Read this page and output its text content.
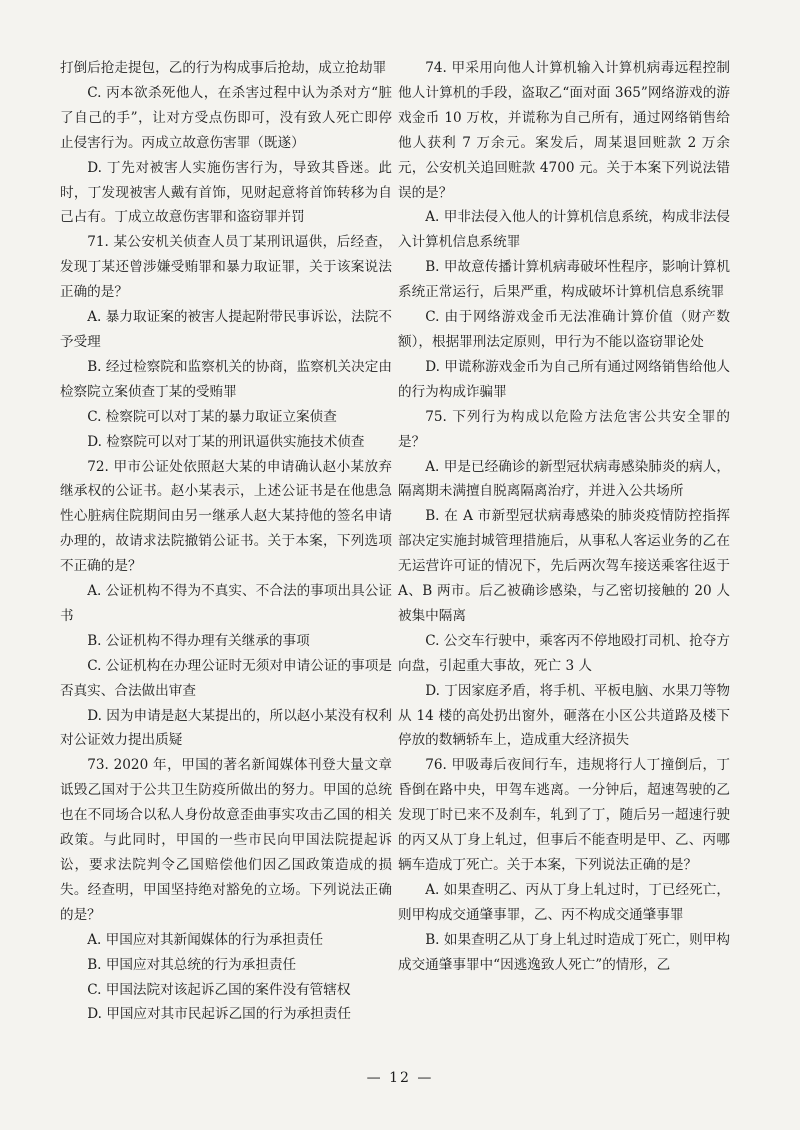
打倒后抢走提包，乙的行为构成事后抢劫，成立抢劫罪

C. 丙本欲杀死他人，在杀害过程中认为杀对方“脏了自己的手”，让对方受点伤即可，没有致人死亡即停止侵害行为。丙成立故意伤害罪（既遂）

D. 丁先对被害人实施伤害行为，导致其昏迷。此时，丁发现被害人戴有首饰，见财起意将首饰转移为自己占有。丁成立故意伤害罪和盗窃罪并罚

71. 某公安机关侦查人员丁某刑讯逼供，后经查，发现丁某还曾涉嫌受贿罪和暴力取证罪，关于该案说法正确的是？

A. 暴力取证案的被害人提起附带民事诉讼，法院不予受理

B. 经过检察院和监察机关的协商，监察机关决定由检察院立案侦查丁某的受贿罪

C. 检察院可以对丁某的暴力取证立案侦查

D. 检察院可以对丁某的刑讯逼供实施技术侦查

72. 甲市公证处依照赵大某的申请确认赵小某放弃继承权的公证书。赵小某表示，上述公证书是在他患急性心脏病住院期间由另一继承人赵大某持他的签名申请办理的，故请求法院撤销公证书。关于本案，下列选项不正确的是？

A. 公证机构不得为不真实、不合法的事项出具公证书

B. 公证机构不得办理有关继承的事项

C. 公证机构在办理公证时无须对申请公证的事项是否真实、合法做出审查

D. 因为申请是赵大某提出的，所以赵小某没有权利对公证效力提出质疑

73. 2020 年，甲国的著名新闻媒体刊登大量文章诋毁乙国对于公共卫生防疫所做出的努力。甲国的总统也在不同场合以私人身份故意歪曲事实攻击乙国的相关政策。与此同时，甲国的一些市民向甲国法院提起诉讼，要求法院判令乙国赔偿他们因乙国政策造成的损失。经查明，甲国坚持绝对豁免的立场。下列说法正确的是？

A. 甲国应对其新闻媒体的行为承担责任

B. 甲国应对其总统的行为承担责任

C. 甲国法院对该起诉乙国的案件没有管辖权

D. 甲国应对其市民起诉乙国的行为承担责任

74. 甲采用向他人计算机输入计算机病毒远程控制他人计算机的手段，盗取乙“面对面 365”网络游戏的游戏金币 10 万枚，并谎称为自己所有，通过网络销售给他人获利 7 万余元。案发后，周某退回赃款 2 万余元，公安机关追回赃款 4700 元。关于本案下列说法错误的是？

A. 甲非法侵入他人的计算机信息系统，构成非法侵入计算机信息系统罪

B. 甲故意传播计算机病毒破坏性程序，影响计算机系统正常运行，后果严重，构成破坏计算机信息系统罪

C. 由于网络游戏金币无法准确计算价值（财产数额），根据罪刑法定原则，甲行为不能以盗窃罪论处

D. 甲谎称游戏金币为自己所有通过网络销售给他人的行为构成诈骗罪

75. 下列行为构成以危险方法危害公共安全罪的是？

A. 甲是已经确诊的新型冠状病毒感染肺炎的病人，隔离期未满擅自脱离隔离治疗，并进入公共场所

B. 在 A 市新型冠状病毒感染的肺炎疫情防控指挥部决定实施封城管理措施后，从事私人客运业务的乙在无运营许可证的情况下，先后两次驾车接送乘客往返于 A、B 两市。后乙被确诊感染，与乙密切接触的 20 人被集中隔离

C. 公交车行驶中，乘客丙不停地殴打司机、抢夺方向盘，引起重大事故，死亡 3 人

D. 丁因家庭矛盾，将手机、平板电脑、水果刀等物从 14 楼的高处扔出窗外，砸落在小区公共道路及楼下停放的数辆轿车上，造成重大经济损失

76. 甲吸毒后夜间行车，违规将行人丁撞倒后，丁昏倒在路中央，甲驾车逃离。一分钟后，超速驾驶的乙发现丁时已来不及刹车，轧到了丁，随后另一超速行驶的丙又从丁身上轧过，但事后不能查明是甲、乙、丙哪辆车造成丁死亡。关于本案，下列说法正确的是？

A. 如果查明乙、丙从丁身上轧过时，丁已经死亡，则甲构成交通肇事罪，乙、丙不构成交通肇事罪

B. 如果查明乙从丁身上轧过时造成丁死亡，则甲构成交通肇事罪中“因逃逸致人死亡”的情形，乙

— 12 —
